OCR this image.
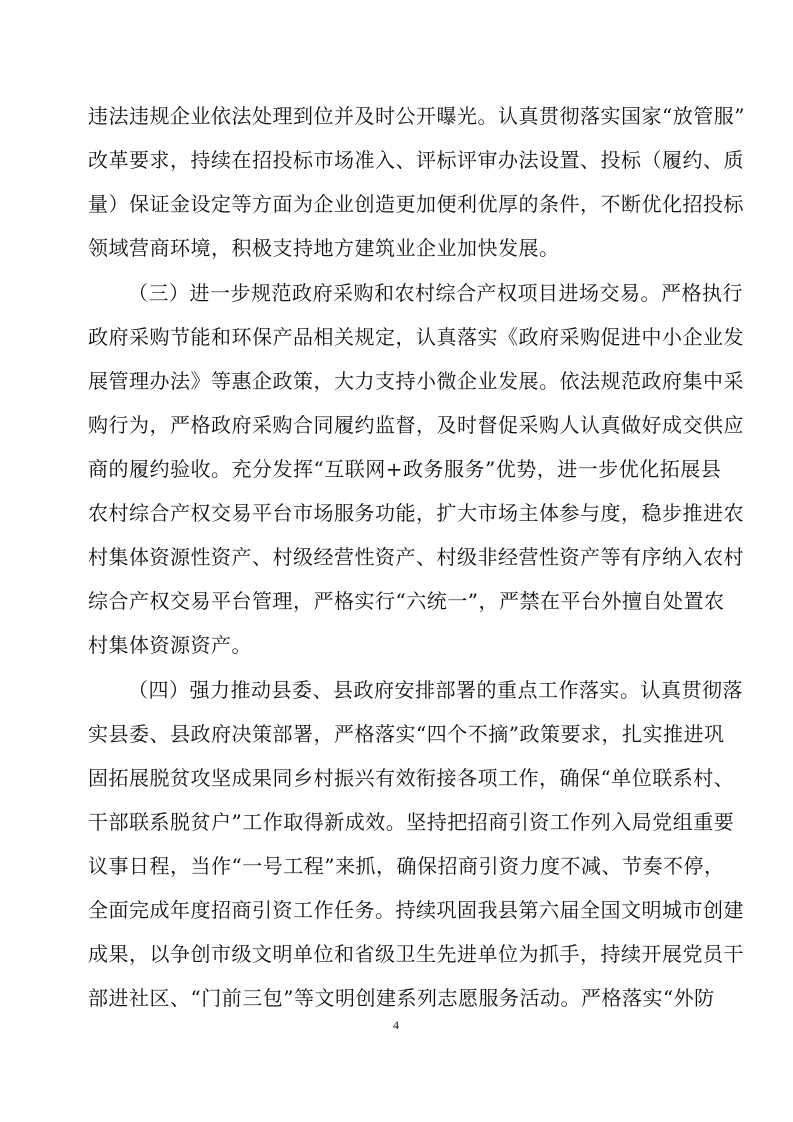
违法违规企业依法处理到位并及时公开曝光。认真贯彻落实国家“放管服”
改革要求，持续在招投标市场准入、评标评审办法设置、投标（履约、质
量）保证金设定等方面为企业创造更加便利优厚的条件，不断优化招投标
领域营商环境，积极支持地方建筑业企业加快发展。
（三）进一步规范政府采购和农村综合产权项目进场交易。严格执行
政府采购节能和环保产品相关规定，认真落实《政府采购促进中小企业发
展管理办法》等惠企政策，大力支持小微企业发展。依法规范政府集中采
购行为，严格政府采购合同履约监督，及时督促采购人认真做好成交供应
商的履约验收。充分发挥“互联网+政务服务”优势，进一步优化拓展县
农村综合产权交易平台市场服务功能，扩大市场主体参与度，稳步推进农
村集体资源性资产、村级经营性资产、村级非经营性资产等有序纳入农村
综合产权交易平台管理，严格实行“六统一”，严禁在平台外擅自处置农
村集体资源资产。
（四）强力推动县委、县政府安排部署的重点工作落实。认真贯彻落
实县委、县政府决策部署，严格落实“四个不摘”政策要求，扎实推进巩
固拓展脱贫攻坚成果同乡村振兴有效衔接各项工作，确保“单位联系村、
干部联系脱贫户”工作取得新成效。坚持把招商引资工作列入局党组重要
议事日程，当作“一号工程”来抓，确保招商引资力度不减、节奏不停，
全面完成年度招商引资工作任务。持续巩固我县第六届全国文明城市创建
成果，以争创市级文明单位和省级卫生先进单位为抓手，持续开展党员干
部进社区、“门前三包”等文明创建系列志愿服务活动。严格落实“外防
4
